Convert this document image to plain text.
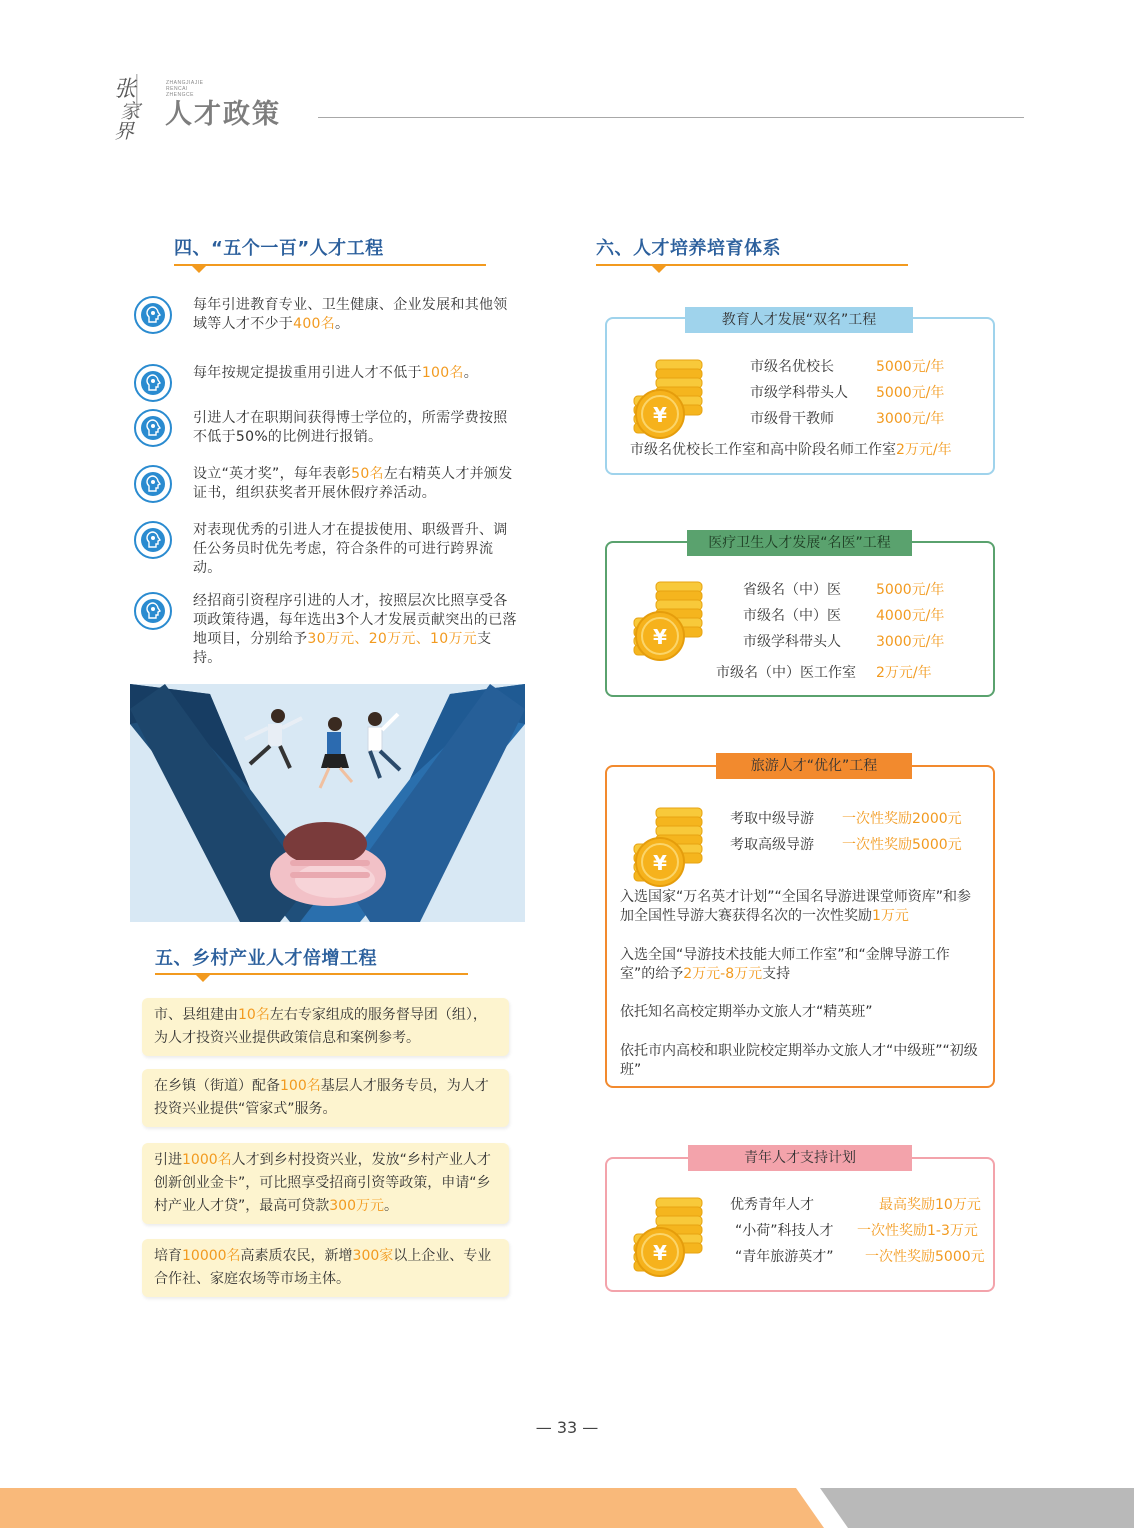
张
家
界
ZHANGJIAJIE RENCAI ZHENGCE
人才政策
四、“五个一百”人才工程
每年引进教育专业、卫生健康、企业发展和其他领域等人才不少于400名。
每年按规定提拔重用引进人才不低于100名。
引进人才在职期间获得博士学位的，所需学费按照不低于50%的比例进行报销。
设立“英才奖”，每年表彰50名左右精英人才并颁发证书，组织获奖者开展休假疗养活动。
对表现优秀的引进人才在提拔使用、职级晋升、调任公务员时优先考虑，符合条件的可进行跨界流动。
经招商引资程序引进的人才，按照层次比照享受各项政策待遇，每年选出3个人才发展贡献突出的已落地项目，分别给予30万元、20万元、10万元支持。
五、乡村产业人才倍增工程
市、县组建由10名左右专家组成的服务督导团（组），为人才投资兴业提供政策信息和案例参考。
在乡镇（街道）配备100名基层人才服务专员，为人才投资兴业提供“管家式”服务。
引进1000名人才到乡村投资兴业，发放“乡村产业人才创新创业金卡”，可比照享受招商引资等政策，申请“乡村产业人才贷”，最高可贷款300万元。
培育10000名高素质农民，新增300家以上企业、专业合作社、家庭农场等市场主体。
六、人才培养培育体系
教育人才发展“双名”工程
¥
市级名优校长	5000元/年
市级学科带头人 5000元/年
市级骨干教师	3000元/年
市级名优校长工作室和高中阶段名师工作室2万元/年
医疗卫生人才发展“名医”工程
¥
省级名（中）医	5000元/年
市级名（中）医	4000元/年
市级学科带头人	3000元/年
市级名（中）医工作室 2万元/年
旅游人才“优化”工程
¥
考取中级导游 一次性奖励2000元
考取高级导游 一次性奖励5000元
入选国家“万名英才计划”“全国名导游进课堂师资库”和参加全国性导游大赛获得名次的一次性奖励1万元
入选全国“导游技术技能大师工作室”和“金牌导游工作室”的给予2万元-8万元支持
依托知名高校定期举办文旅人才“精英班”
依托市内高校和职业院校定期举办文旅人才“中级班”“初级班”
青年人才支持计划
¥
优秀青年人才	最高奖励10万元
“小荷”科技人才 一次性奖励1-3万元
“青年旅游英才” 一次性奖励5000元
— 33 —
